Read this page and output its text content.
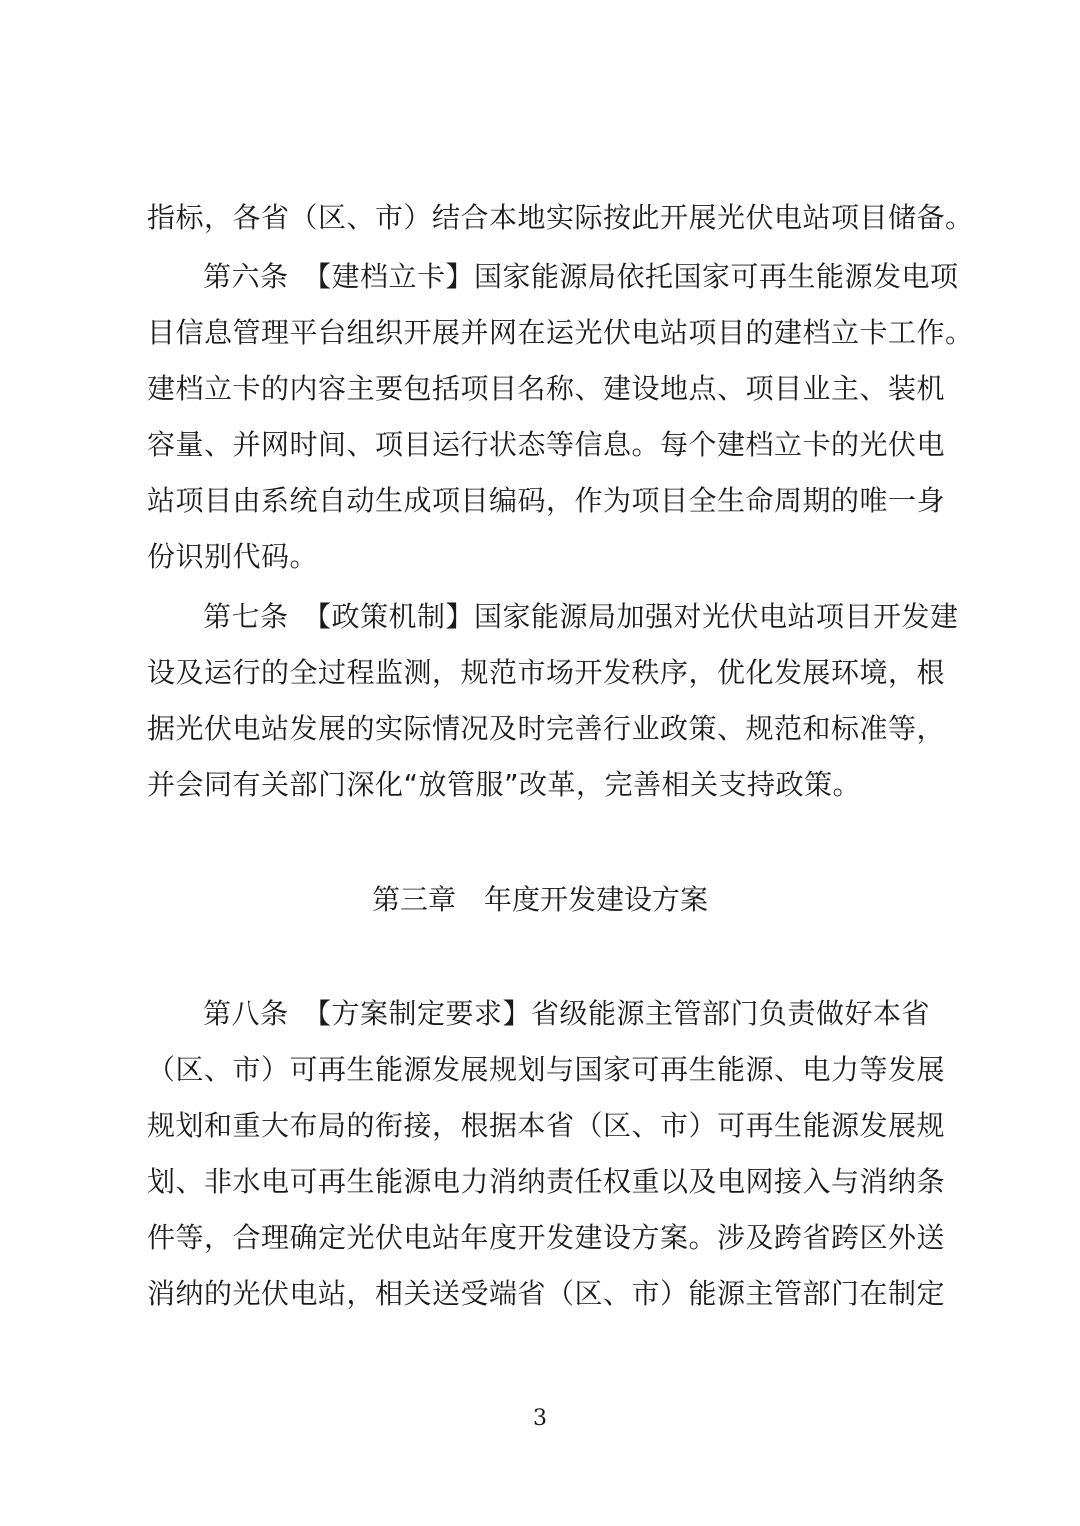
指标，各省（区、市）结合本地实际按此开展光伏电站项目储备。
第六条　【建档立卡】国家能源局依托国家可再生能源发电项
目信息管理平台组织开展并网在运光伏电站项目的建档立卡工作。
建档立卡的内容主要包括项目名称、建设地点、项目业主、装机
容量、并网时间、项目运行状态等信息。每个建档立卡的光伏电
站项目由系统自动生成项目编码，作为项目全生命周期的唯一身
份识别代码。
第七条　【政策机制】国家能源局加强对光伏电站项目开发建
设及运行的全过程监测，规范市场开发秩序，优化发展环境，根
据光伏电站发展的实际情况及时完善行业政策、规范和标准等，
并会同有关部门深化“放管服”改革，完善相关支持政策。
第三章　年度开发建设方案
第八条　【方案制定要求】省级能源主管部门负责做好本省
（区、市）可再生能源发展规划与国家可再生能源、电力等发展
规划和重大布局的衔接，根据本省（区、市）可再生能源发展规
划、非水电可再生能源电力消纳责任权重以及电网接入与消纳条
件等，合理确定光伏电站年度开发建设方案。涉及跨省跨区外送
消纳的光伏电站，相关送受端省（区、市）能源主管部门在制定
3
